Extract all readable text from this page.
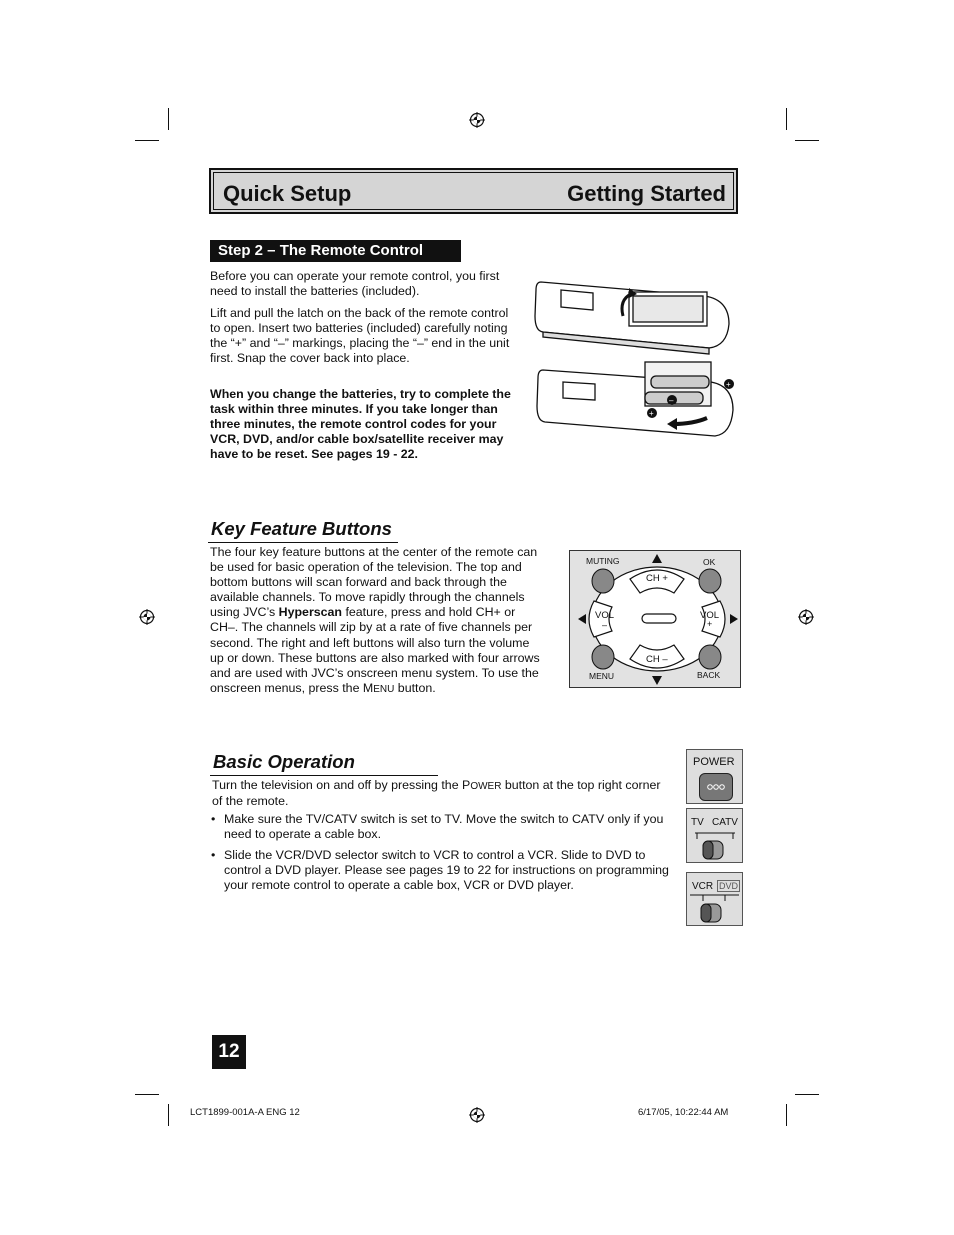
Quick Setup	Getting Started
Step 2 – The Remote Control
Before you can operate your remote control, you first need to install the batteries (included).
Lift and pull the latch on the back of the remote control to open. Insert two batteries (included) carefully noting the “+” and “–” markings, placing the “–” end in the unit first. Snap the cover back into place.
When you change the batteries, try to complete the task within three minutes. If you take longer than three minutes, the remote control codes for your VCR, DVD, and/or cable box/satellite receiver may have to be reset. See pages 19 - 22.
+
–
+
Key Feature Buttons
The four key feature buttons at the center of the remote can be used for basic operation of the television. The top and bottom buttons will scan forward and back through the available channels. To move rapidly through the channels using JVC’s Hyperscan feature, press and hold CH+ or CH–. The channels will zip by at a rate of five channels per second. The right and left buttons will also turn the volume up or down. These buttons are also marked with four arrows and are used with JVC’s onscreen menu system. To use the onscreen menus, press the MENU button.
MUTING	OK
MENU	BACK
CH +
CH –
VOL
–
VOL
+
Basic Operation
Turn the television on and off by pressing the POWER button at the top right corner of the remote.
• Make sure the TV/CATV switch is set to TV. Move the switch to CATV only if you need to operate a cable box.
• Slide the VCR/DVD selector switch to VCR to control a VCR. Slide to DVD to control a DVD player. Please see pages 19 to 22 for instructions on programming your remote control to operate a cable box, VCR or DVD player.
POWER
TV CATV
VCR DVD
12
LCT1899-001A-A ENG 12	6/17/05, 10:22:44 AM
